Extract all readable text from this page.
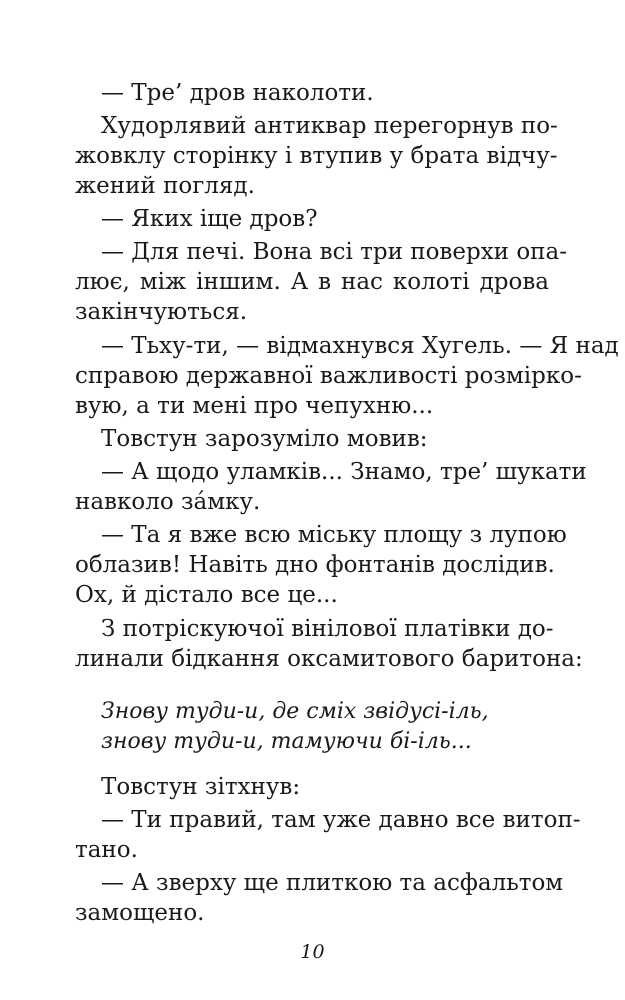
— Тре’ дров наколоти.
Худорлявий антиквар перегорнув по-
жовклу сторінку і втупив у брата відчу-
жений погляд.
— Яких іще дров?
— Для печі. Вона всі три поверхи опа-
лює, між іншим. А в нас колоті дрова
закінчуються.
— Тьху-ти, — відмахнувся Хугель. — Я над
справою державної важливості розмірко-
вую, а ти мені про чепухню...
Товстун зарозуміло мовив:
— А щодо уламків... Знамо, тре’ шукати
навколо за́мку.
— Та я вже всю міську площу з лупою
облазив! Навіть дно фонтанів дослідив.
Ох, й дістало все це...
З потріскуючої вінілової платівки до-
линали бідкання оксамитового баритона:
Знову туди-и, де сміх звідусі-іль,
знову туди-и, тамуючи бі-іль...
Товстун зітхнув:
— Ти правий, там уже давно все витоп-
тано.
— А зверху ще плиткою та асфальтом
замощено.
10
